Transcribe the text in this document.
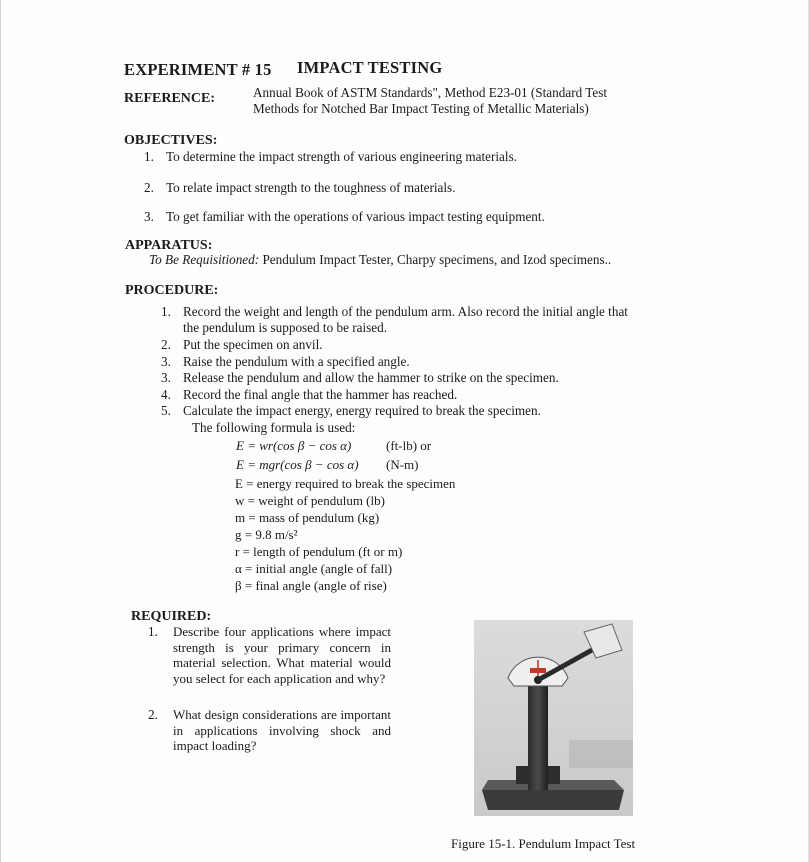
EXPERIMENT # 15 IMPACT TESTING
REFERENCE:	Annual Book of ASTM Standards", Method E23-01 (Standard Test
Methods for Notched Bar Impact Testing of Metallic Materials)
OBJECTIVES:
1. To determine the impact strength of various engineering materials.
2. To relate impact strength to the toughness of materials.
3. To get familiar with the operations of various impact testing equipment.
APPARATUS:
To Be Requisitioned: Pendulum Impact Tester, Charpy specimens, and Izod specimens..
PROCEDURE:
1. Record the weight and length of the pendulum arm. Also record the initial angle that
the pendulum is supposed to be raised.
2. Put the specimen on anvil.
3. Raise the pendulum with a specified angle.
3. Release the pendulum and allow the hammer to strike on the specimen.
4. Record the final angle that the hammer has reached.
5. Calculate the impact energy, energy required to break the specimen.
The following formula is used:
E = wr(cos β − cos α)	(ft-lb) or
E = mgr(cos β − cos α) (N-m)
E = energy required to break the specimen
w = weight of pendulum (lb)
m = mass of pendulum (kg)
g = 9.8 m/s²
r = length of pendulum (ft or m)
α = initial angle (angle of fall)
β = final angle (angle of rise)
REQUIRED:
1. Describe four applications where impact strength is your primary concern in material selection. What material would you select for each application and why?
2. What design considerations are important in applications involving shock and impact loading?
Figure 15-1. Pendulum Impact Test
